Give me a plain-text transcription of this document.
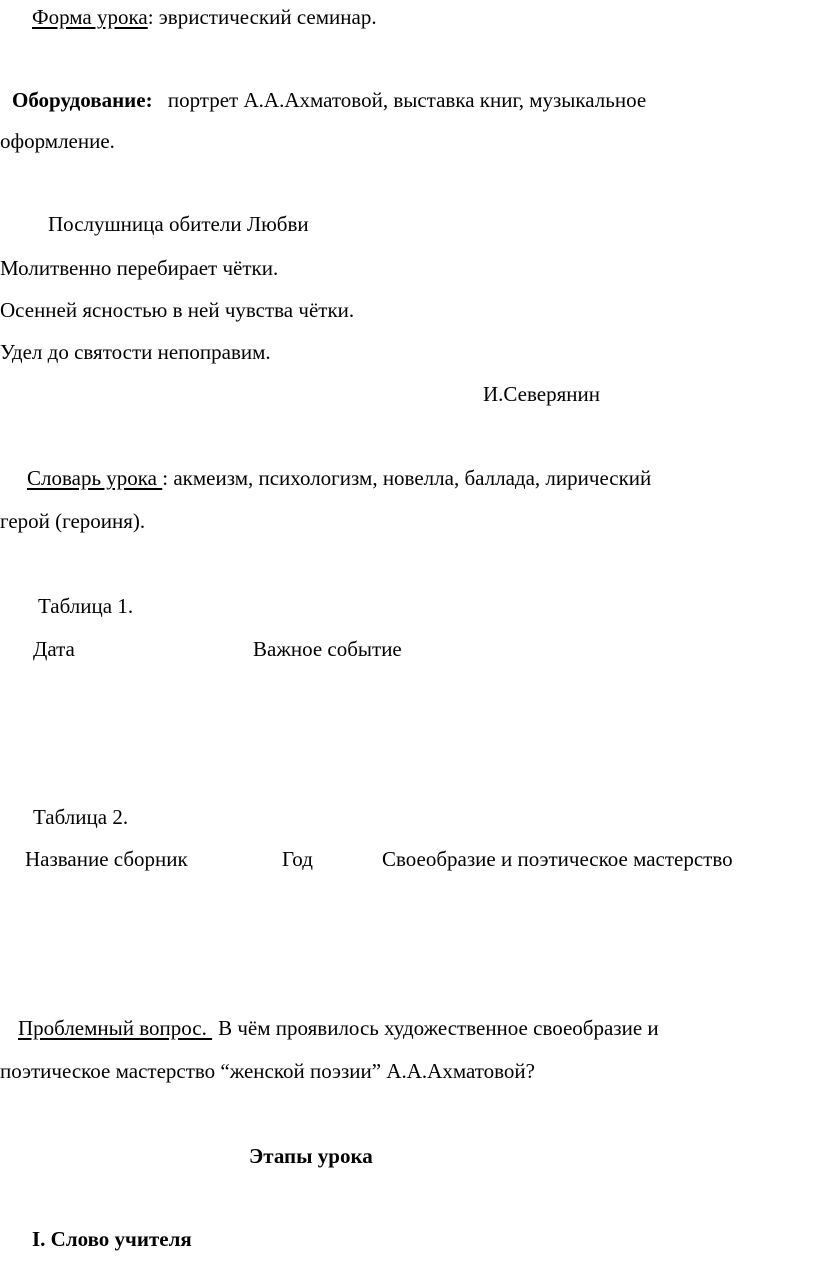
Форма урока: эвристический семинар.
Оборудование: портрет А.А.Ахматовой, выставка книг, музыкальное
оформление.
Послушница обители Любви
Молитвенно перебирает чётки.
Осенней ясностью в ней чувства чётки.
Удел до святости непоправим.
И.Северянин
Словарь урока : акмеизм, психологизм, новелла, баллада, лирический
герой (героиня).
Таблица 1.
Дата	Важное событие
Таблица 2.
Название сборник	Год	Своеобразие и поэтическое мастерство
Проблемный вопрос. В чём проявилось художественное своеобразие и
поэтическое мастерство “женской поэзии” А.А.Ахматовой?
Этапы урока
I. Слово учителя
